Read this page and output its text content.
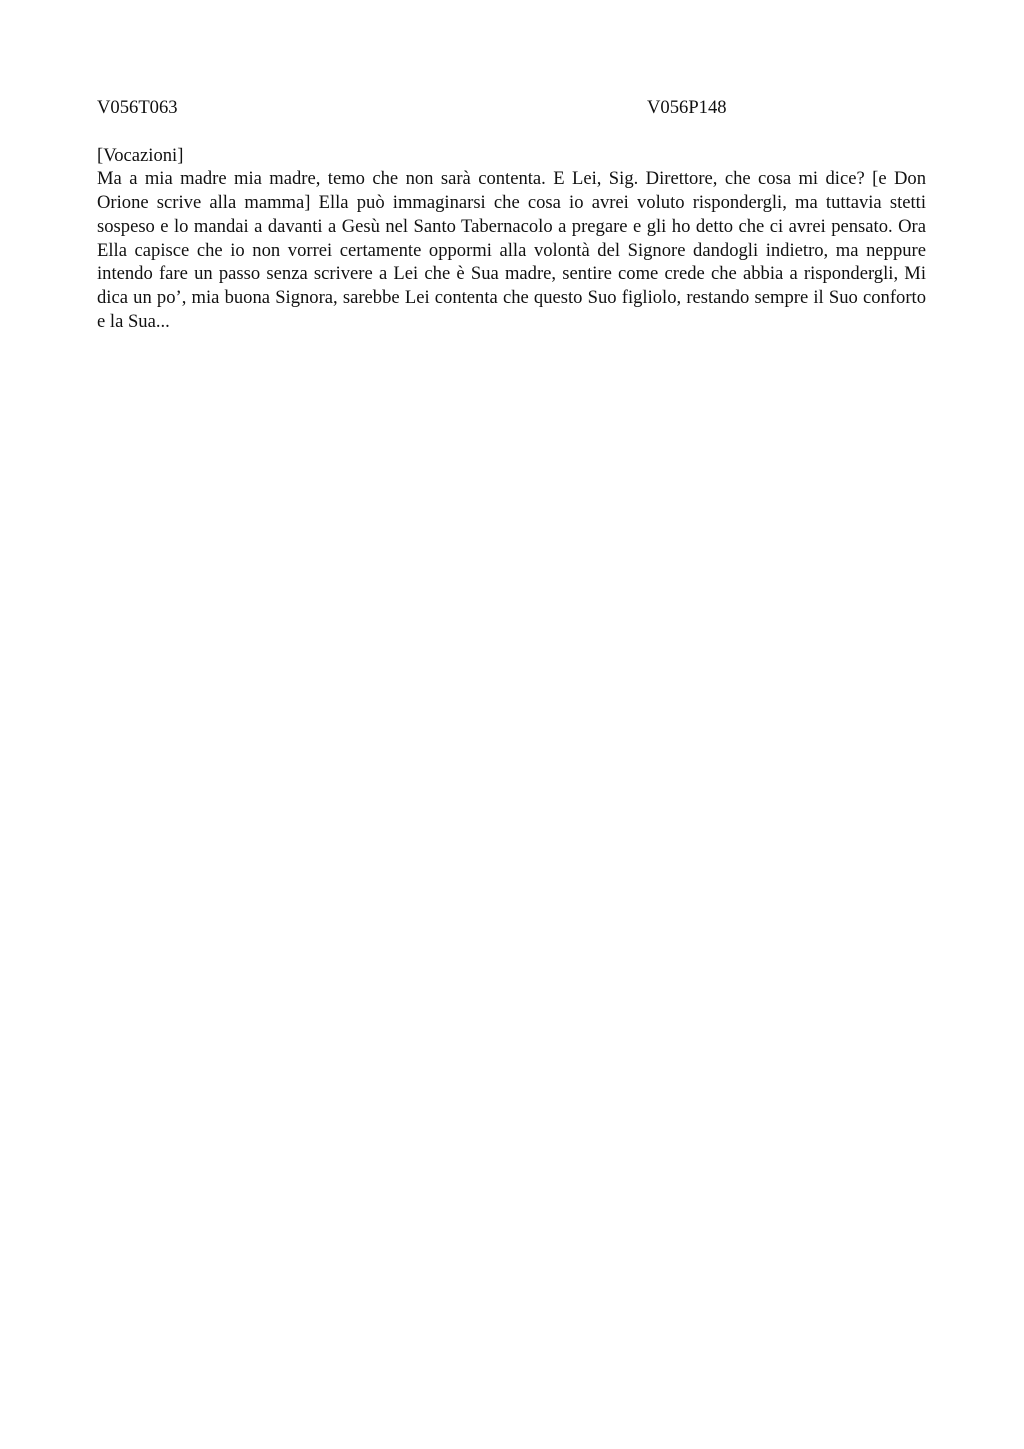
V056T063	V056P148
[Vocazioni]

Ma a mia madre mia madre, temo che non sarà contenta. E Lei, Sig. Direttore, che cosa mi dice? [e Don Orione scrive alla mamma] Ella può immaginarsi che cosa io avrei voluto rispondergli, ma tuttavia stetti sospeso e lo mandai a davanti a Gesù nel Santo Tabernacolo a pregare e gli ho detto che ci avrei pensato. Ora Ella capisce che io non vorrei certamente oppormi alla volontà del Signore dandogli indietro, ma neppure intendo fare un passo senza scrivere a Lei che è Sua madre, sentire come crede che abbia a rispondergli, Mi dica un po’, mia buona Signora, sarebbe Lei contenta che questo Suo figliolo, restando sempre il Suo conforto e la Sua...
